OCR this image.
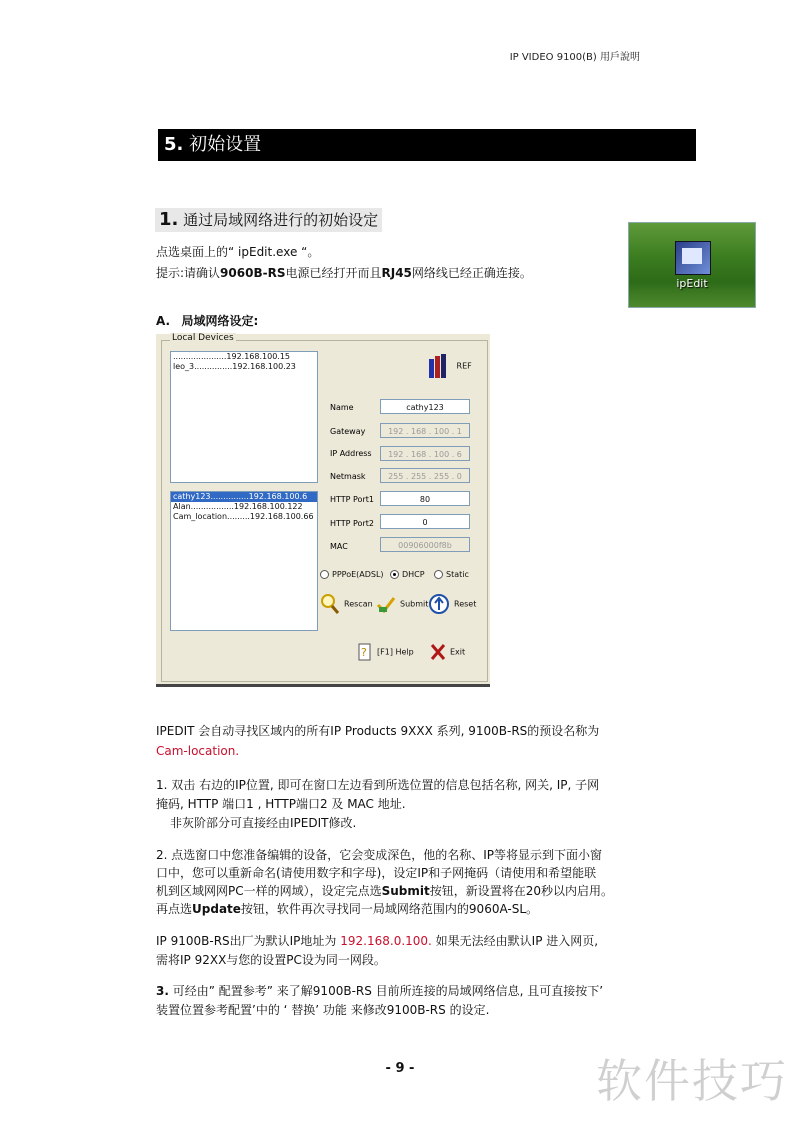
IP VIDEO 9100(B) 用戶說明
5. 初始设置
1. 通过局域网络进行的初始设定
ipEdit
点选桌面上的“ ipEdit.exe “。
提示:请确认9060B-RS电源已经打开而且RJ45网络线已经正确连接。
A. 局域网络设定:
Local Devices
.....................192.168.100.15
leo_3...............192.168.100.23
cathy123...............192.168.100.6
Alan.................192.168.100.122
Cam_location.........192.168.100.66
REF
Name	cathy123
Gateway	192 . 168 . 100 . 1
IP Address	192 . 168 . 100 . 6
Netmask	255 . 255 . 255 . 0
HTTP Port1	80
HTTP Port2	0
MAC	00906000f8b
PPPoE(ADSL)	DHCP	Static
Rescan	Submit	Reset
? [F1] Help	Exit
IPEDIT 会自动寻找区域内的所有IP Products 9XXX 系列, 9100B-RS的预设名称为
Cam-location.
1. 双击 右边的IP位置, 即可在窗口左边看到所选位置的信息包括名称, 网关, IP, 子网
掩码, HTTP 端口1 , HTTP端口2 及 MAC 地址.
非灰阶部分可直接经由IPEDIT修改.
2. 点选窗口中您准备编辑的设备，它会变成深色，他的名称、IP等将显示到下面小窗
口中，您可以重新命名(请使用数字和字母)，设定IP和子网掩码（请使用和希望能联
机到区域网网PC一样的网域），设定完点选Submit按钮，新设置将在20秒以内启用。
再点选Update按钮，软件再次寻找同一局域网络范围内的9060A-SL。
IP 9100B-RS出厂为默认IP地址为 192.168.0.100. 如果无法经由默认IP 进入网页,
需将IP 92XX与您的设置PC设为同一网段。
3. 可经由” 配置参考” 来了解9100B-RS 目前所连接的局域网络信息, 且可直接按下’
装置位置参考配置’中的 ‘ 替换’ 功能 来修改9100B-RS 的设定.
- 9 -	软件技巧
